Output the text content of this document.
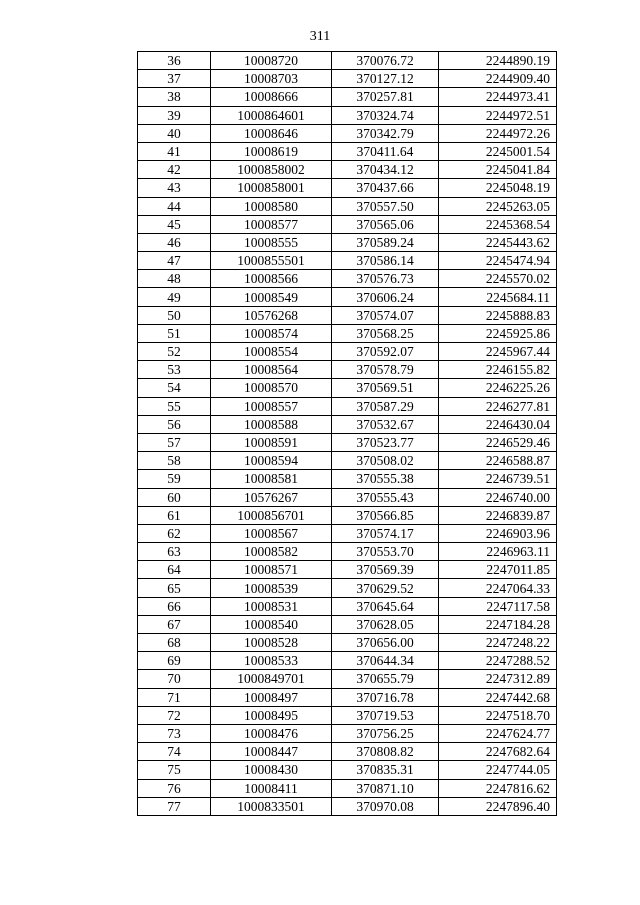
311
36	10008720	370076.72	2244890.19
37	10008703	370127.12	2244909.40
38	10008666	370257.81	2244973.41
39	1000864601	370324.74	2244972.51
40	10008646	370342.79	2244972.26
41	10008619	370411.64	2245001.54
42	1000858002	370434.12	2245041.84
43	1000858001	370437.66	2245048.19
44	10008580	370557.50	2245263.05
45	10008577	370565.06	2245368.54
46	10008555	370589.24	2245443.62
47	1000855501	370586.14	2245474.94
48	10008566	370576.73	2245570.02
49	10008549	370606.24	2245684.11
50	10576268	370574.07	2245888.83
51	10008574	370568.25	2245925.86
52	10008554	370592.07	2245967.44
53	10008564	370578.79	2246155.82
54	10008570	370569.51	2246225.26
55	10008557	370587.29	2246277.81
56	10008588	370532.67	2246430.04
57	10008591	370523.77	2246529.46
58	10008594	370508.02	2246588.87
59	10008581	370555.38	2246739.51
60	10576267	370555.43	2246740.00
61	1000856701	370566.85	2246839.87
62	10008567	370574.17	2246903.96
63	10008582	370553.70	2246963.11
64	10008571	370569.39	2247011.85
65	10008539	370629.52	2247064.33
66	10008531	370645.64	2247117.58
67	10008540	370628.05	2247184.28
68	10008528	370656.00	2247248.22
69	10008533	370644.34	2247288.52
70	1000849701	370655.79	2247312.89
71	10008497	370716.78	2247442.68
72	10008495	370719.53	2247518.70
73	10008476	370756.25	2247624.77
74	10008447	370808.82	2247682.64
75	10008430	370835.31	2247744.05
76	10008411	370871.10	2247816.62
77	1000833501	370970.08	2247896.40
